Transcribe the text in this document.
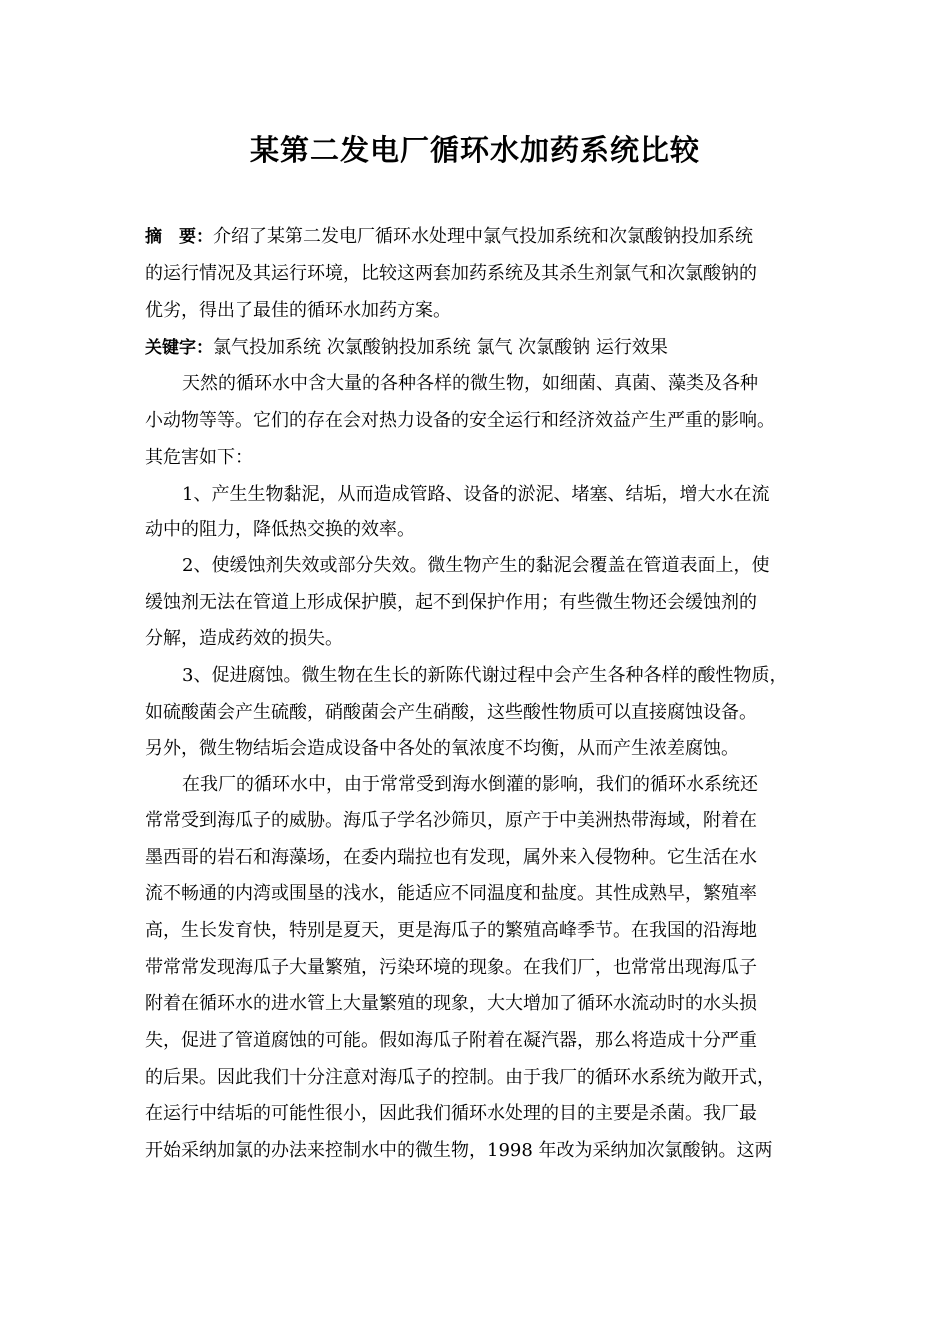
某第二发电厂循环水加药系统比较
摘　要：介绍了某第二发电厂循环水处理中氯气投加系统和次氯酸钠投加系统
的运行情况及其运行环境，比较这两套加药系统及其杀生剂氯气和次氯酸钠的
优劣，得出了最佳的循环水加药方案。
关键字：氯气投加系统 次氯酸钠投加系统 氯气 次氯酸钠 运行效果
天然的循环水中含大量的各种各样的微生物，如细菌、真菌、藻类及各种
小动物等等。它们的存在会对热力设备的安全运行和经济效益产生严重的影响。
其危害如下：
1、产生生物黏泥，从而造成管路、设备的淤泥、堵塞、结垢，增大水在流
动中的阻力，降低热交换的效率。
2、使缓蚀剂失效或部分失效。微生物产生的黏泥会覆盖在管道表面上，使
缓蚀剂无法在管道上形成保护膜，起不到保护作用；有些微生物还会缓蚀剂的
分解，造成药效的损失。
3、促进腐蚀。微生物在生长的新陈代谢过程中会产生各种各样的酸性物质，
如硫酸菌会产生硫酸，硝酸菌会产生硝酸，这些酸性物质可以直接腐蚀设备。
另外，微生物结垢会造成设备中各处的氧浓度不均衡，从而产生浓差腐蚀。
在我厂的循环水中，由于常常受到海水倒灌的影响，我们的循环水系统还
常常受到海瓜子的威胁。海瓜子学名沙筛贝，原产于中美洲热带海域，附着在
墨西哥的岩石和海藻场，在委内瑞拉也有发现，属外来入侵物种。它生活在水
流不畅通的内湾或围垦的浅水，能适应不同温度和盐度。其性成熟早，繁殖率
高，生长发育快，特别是夏天，更是海瓜子的繁殖高峰季节。在我国的沿海地
带常常发现海瓜子大量繁殖，污染环境的现象。在我们厂，也常常出现海瓜子
附着在循环水的进水管上大量繁殖的现象，大大增加了循环水流动时的水头损
失，促进了管道腐蚀的可能。假如海瓜子附着在凝汽器，那么将造成十分严重
的后果。因此我们十分注意对海瓜子的控制。由于我厂的循环水系统为敞开式，
在运行中结垢的可能性很小，因此我们循环水处理的目的主要是杀菌。我厂最
开始采纳加氯的办法来控制水中的微生物，1998 年改为采纳加次氯酸钠。这两
